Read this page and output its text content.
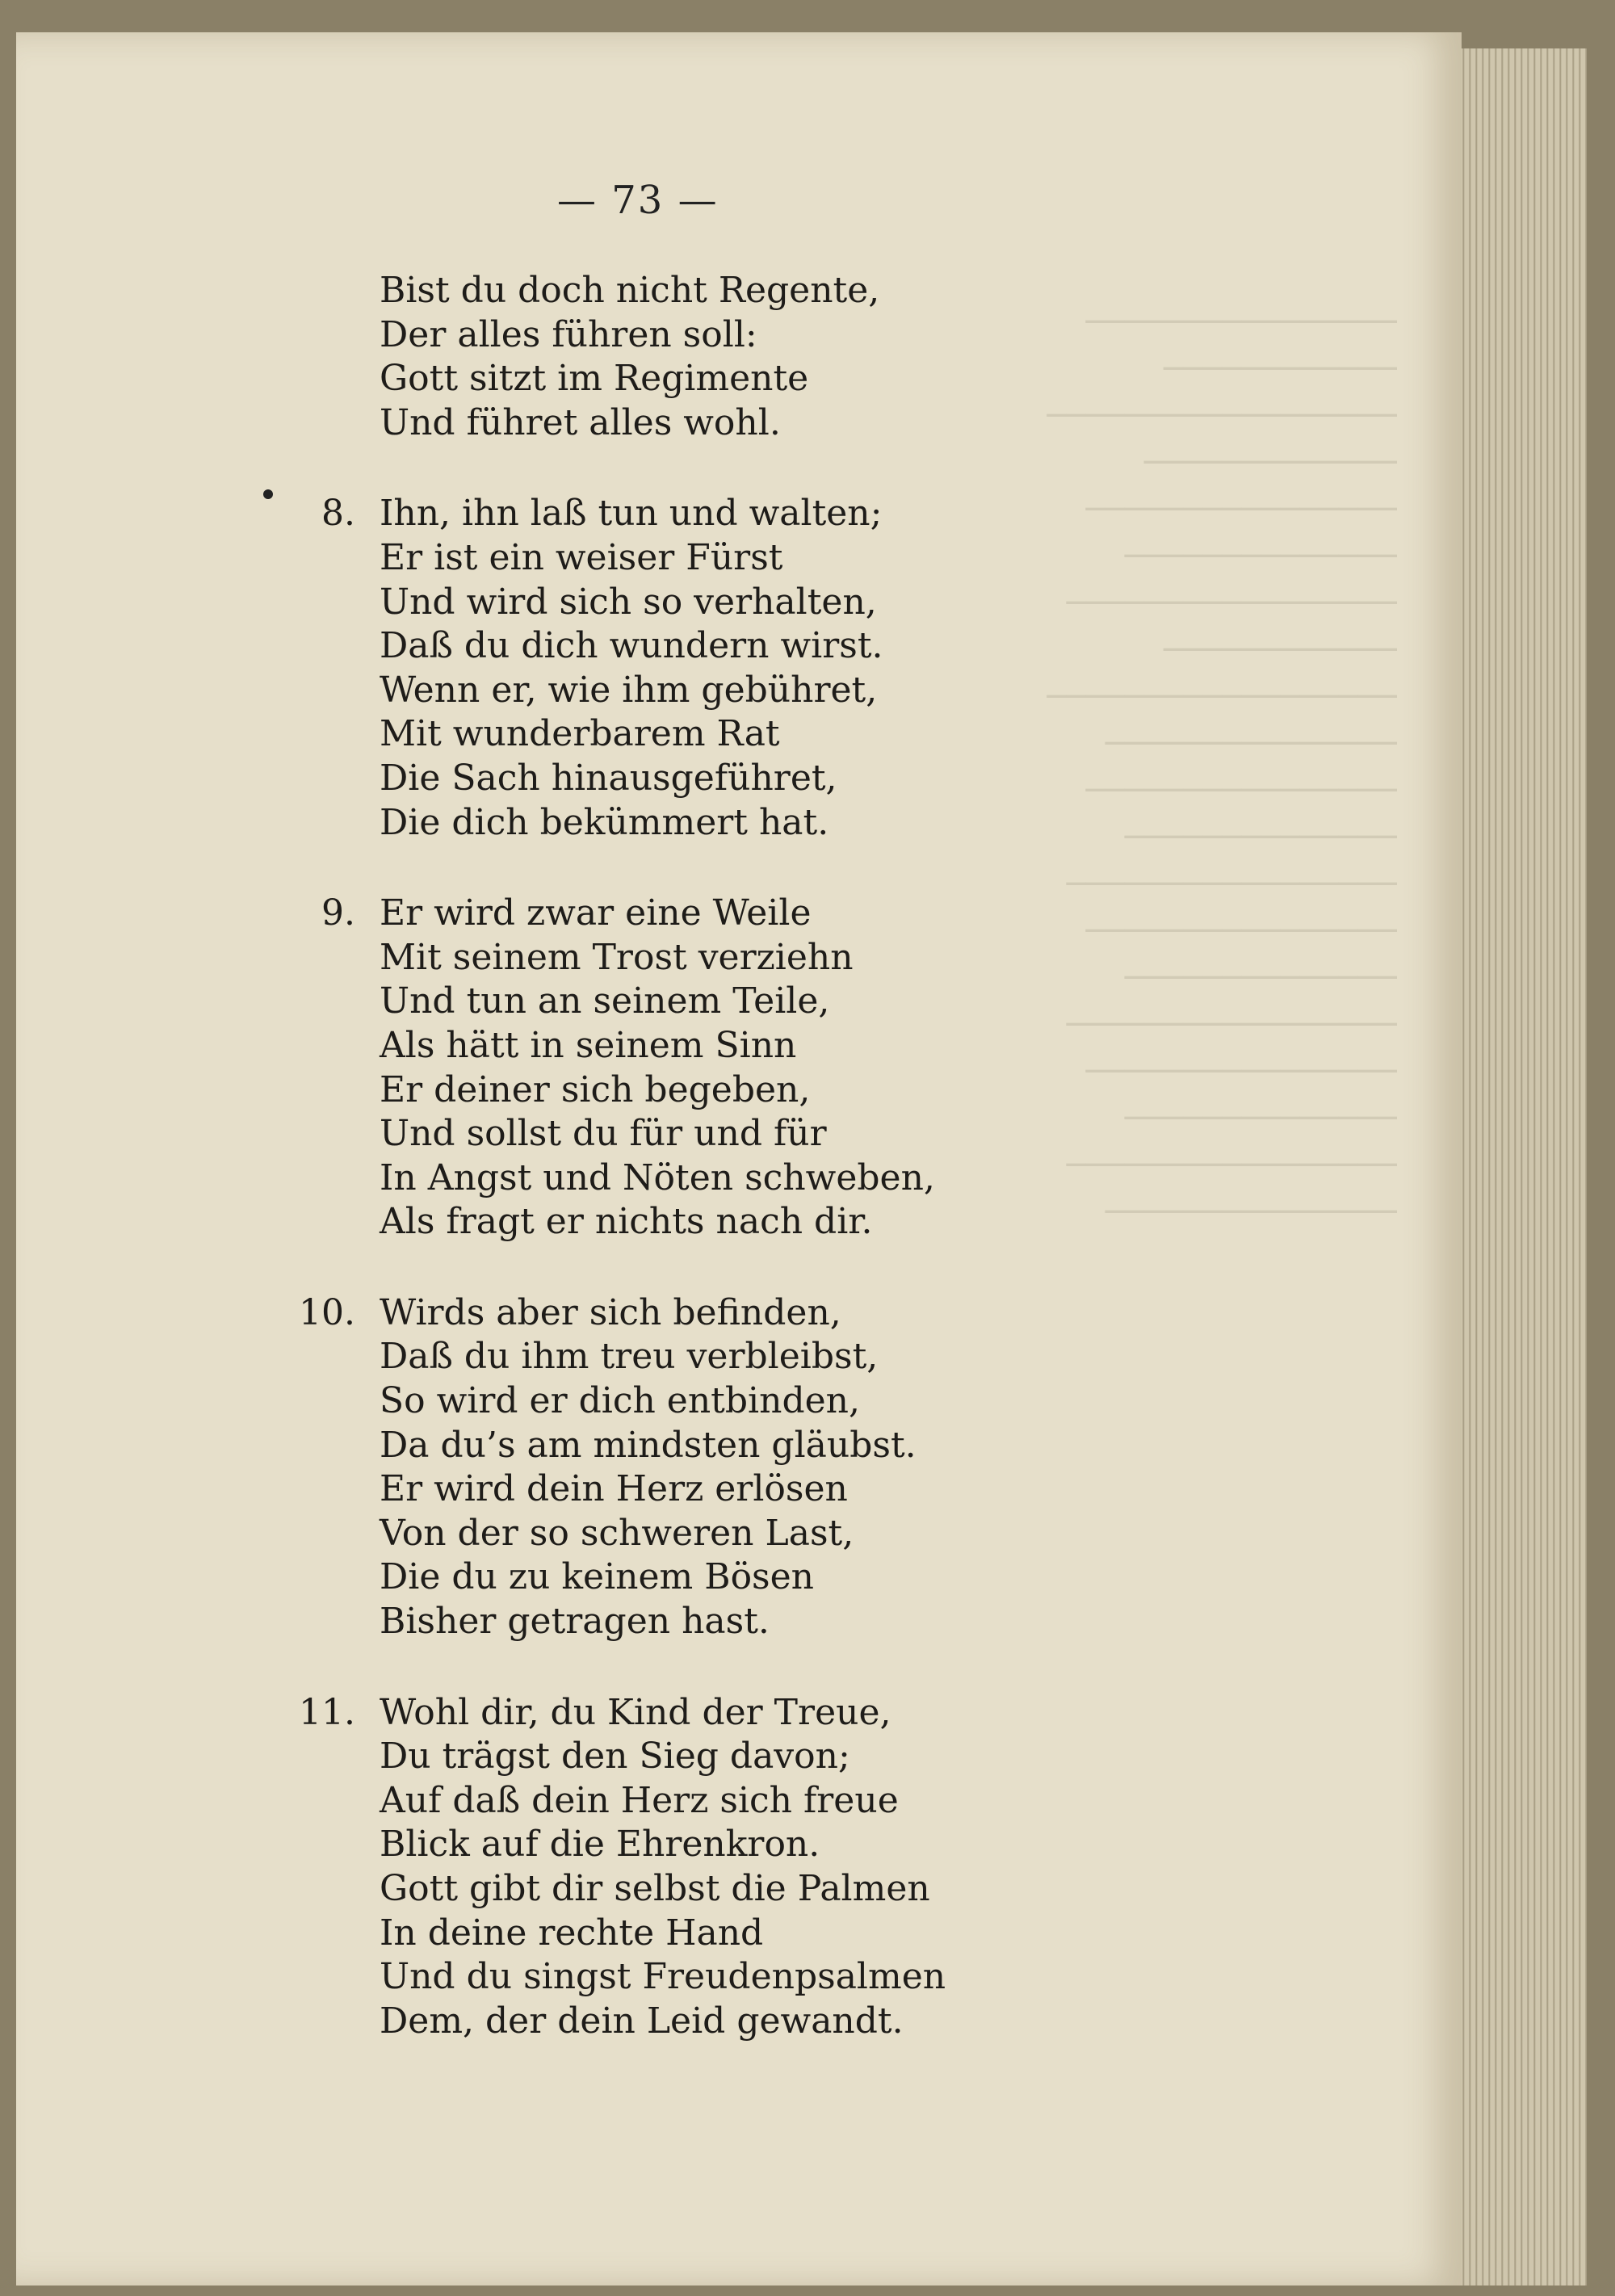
────────────────
────────────
──────────────────
─────────────
────────────────
──────────────
─────────────────
────────────
──────────────────
───────────────
────────────────
──────────────
─────────────────
────────────────
──────────────
─────────────────
────────────────
──────────────
─────────────────
───────────────
— 73 —
Bist du doch nicht Regente,
Der alles führen soll:
Gott sitzt im Regimente
Und führet alles wohl.
8. Ihn, ihn laß tun und walten;
Er ist ein weiser Fürst
Und wird sich so verhalten,
Daß du dich wundern wirst.
Wenn er, wie ihm gebühret,
Mit wunderbarem Rat
Die Sach hinausgeführet,
Die dich bekümmert hat.
9. Er wird zwar eine Weile
Mit seinem Trost verziehn
Und tun an seinem Teile,
Als hätt in seinem Sinn
Er deiner sich begeben,
Und sollst du für und für
In Angst und Nöten schweben,
Als fragt er nichts nach dir.
10. Wirds aber sich befinden,
Daß du ihm treu verbleibst,
So wird er dich entbinden,
Da du’s am mindsten gläubst.
Er wird dein Herz erlösen
Von der so schweren Last,
Die du zu keinem Bösen
Bisher getragen hast.
11. Wohl dir, du Kind der Treue,
Du trägst den Sieg davon;
Auf daß dein Herz sich freue
Blick auf die Ehrenkron.
Gott gibt dir selbst die Palmen
In deine rechte Hand
Und du singst Freudenpsalmen
Dem, der dein Leid gewandt.
